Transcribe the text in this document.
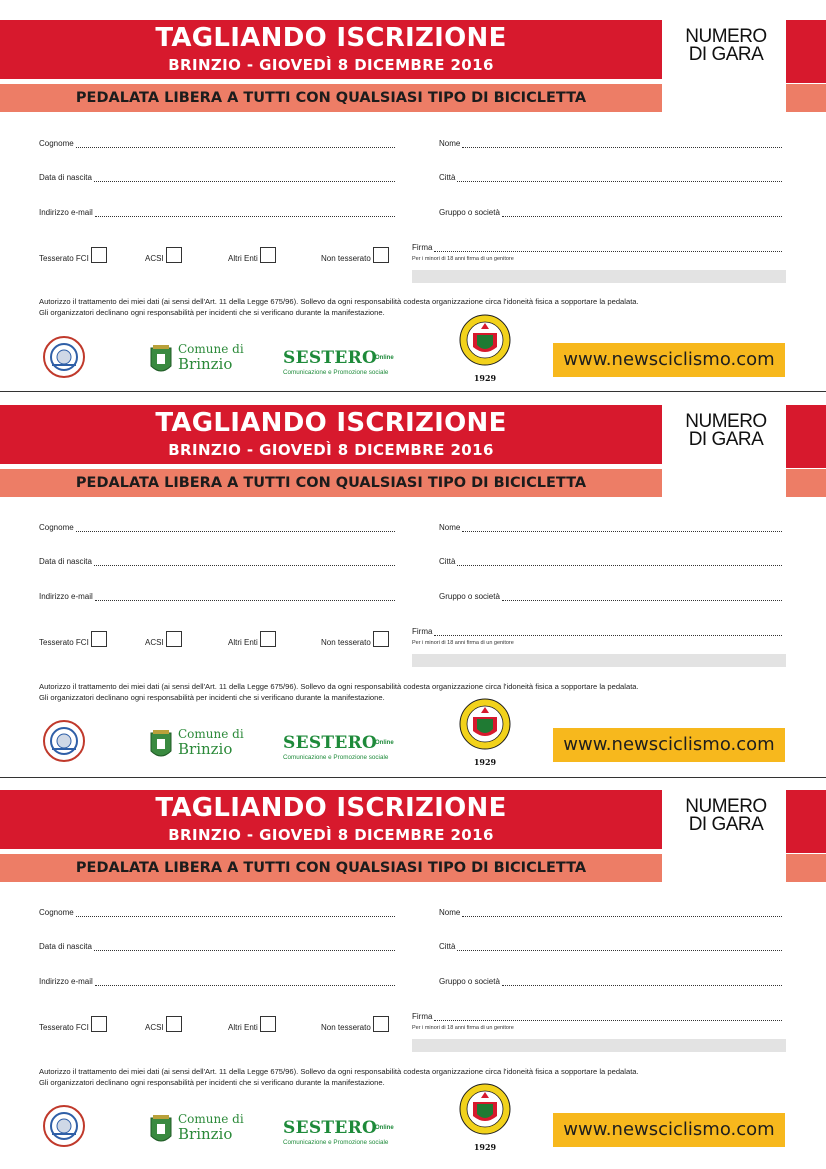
TAGLIANDO ISCRIZIONE
BRINZIO - GIOVEDÌ 8 DICEMBRE 2016
PEDALATA LIBERA A TUTTI CON QUALSIASI TIPO DI BICICLETTA
NUMERO
DI GARA
Cognome	Nome
Data di nascita	Città
Indirizzo e-mail	Gruppo o società
Tesserato FCI	ACSI	Altri Enti	Non tesserato
Firma
Per i minori di 18 anni firma di un genitore
Autorizzo il trattamento dei miei dati (ai sensi dell'Art. 11 della Legge 675/96). Sollevo da ogni responsabilità codesta organizzazione circa l'idoneità fisica a sopportare la pedalata.
Gli organizzatori declinano ogni responsabilità per incidenti che si verificano durante la manifestazione.
Comune di
Brinzio	SESTERO
Online
Comunicazione e Promozione sociale
1929
www.newsciclismo.com
TAGLIANDO ISCRIZIONE
BRINZIO - GIOVEDÌ 8 DICEMBRE 2016
PEDALATA LIBERA A TUTTI CON QUALSIASI TIPO DI BICICLETTA
NUMERO
DI GARA
Cognome	Nome
Data di nascita	Città
Indirizzo e-mail	Gruppo o società
Tesserato FCI	ACSI	Altri Enti	Non tesserato
Firma
Per i minori di 18 anni firma di un genitore
Autorizzo il trattamento dei miei dati (ai sensi dell'Art. 11 della Legge 675/96). Sollevo da ogni responsabilità codesta organizzazione circa l'idoneità fisica a sopportare la pedalata.
Gli organizzatori declinano ogni responsabilità per incidenti che si verificano durante la manifestazione.
Comune di
Brinzio	SESTERO
Online
Comunicazione e Promozione sociale	1929
www.newsciclismo.com
TAGLIANDO ISCRIZIONE
BRINZIO - GIOVEDÌ 8 DICEMBRE 2016
PEDALATA LIBERA A TUTTI CON QUALSIASI TIPO DI BICICLETTA
NUMERO
DI GARA
Cognome	Nome
Data di nascita	Città
Indirizzo e-mail	Gruppo o società
Tesserato FCI	ACSI	Altri Enti	Non tesserato
Firma
Per i minori di 18 anni firma di un genitore
Autorizzo il trattamento dei miei dati (ai sensi dell'Art. 11 della Legge 675/96). Sollevo da ogni responsabilità codesta organizzazione circa l'idoneità fisica a sopportare la pedalata.
Gli organizzatori declinano ogni responsabilità per incidenti che si verificano durante la manifestazione.
Comune di
Brinzio	SESTERO
Online
Comunicazione e Promozione sociale	1929
www.newsciclismo.com
